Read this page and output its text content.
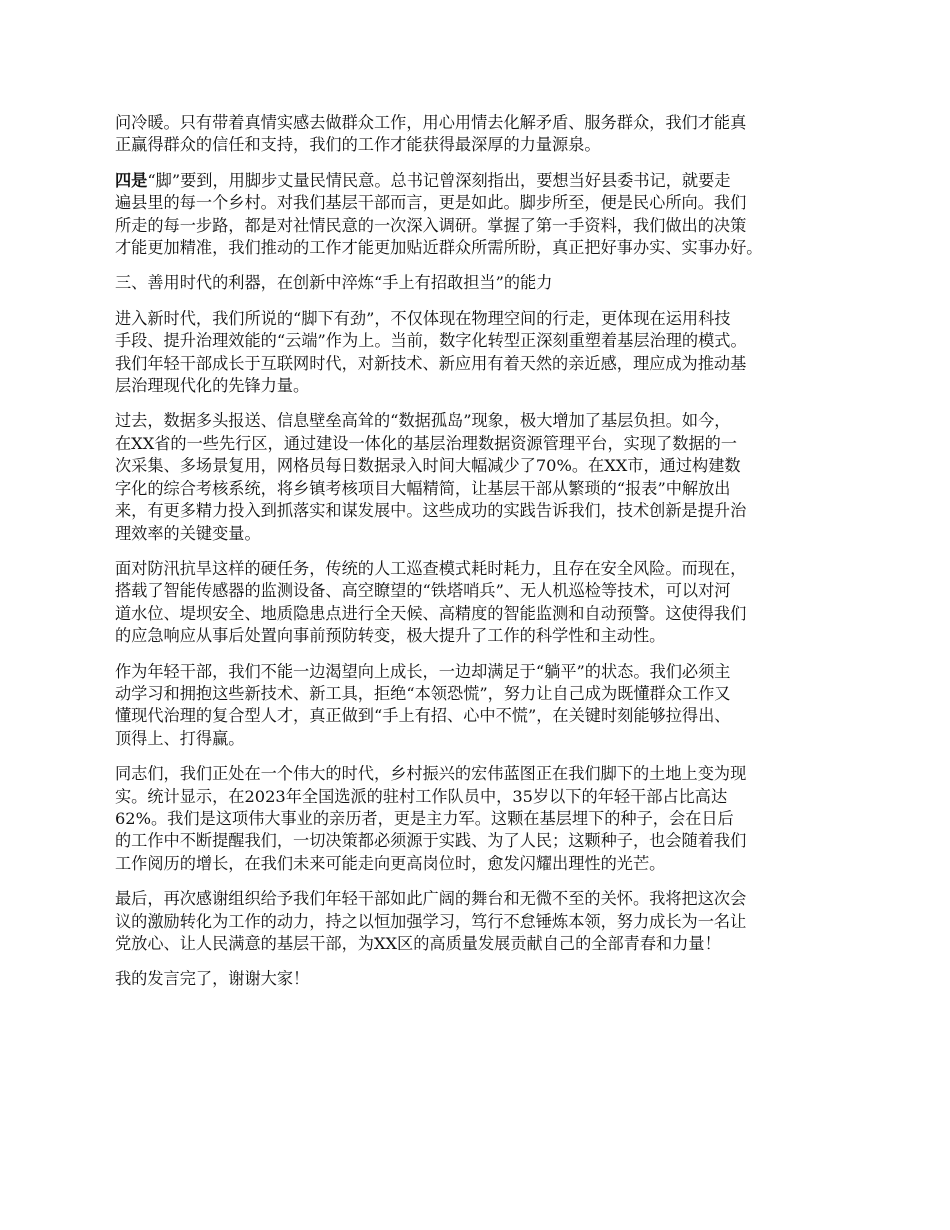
问冷暖。只有带着真情实感去做群众工作，用心用情去化解矛盾、服务群众，我们才能真
正赢得群众的信任和支持，我们的工作才能获得最深厚的力量源泉。

四是“脚”要到，用脚步丈量民情民意。总书记曾深刻指出，要想当好县委书记，就要走
遍县里的每一个乡村。对我们基层干部而言，更是如此。脚步所至，便是民心所向。我们
所走的每一步路，都是对社情民意的一次深入调研。掌握了第一手资料，我们做出的决策
才能更加精准，我们推动的工作才能更加贴近群众所需所盼，真正把好事办实、实事办好。

三、善用时代的利器，在创新中淬炼“手上有招敢担当”的能力

进入新时代，我们所说的“脚下有劲”，不仅体现在物理空间的行走，更体现在运用科技
手段、提升治理效能的“云端”作为上。当前，数字化转型正深刻重塑着基层治理的模式。
我们年轻干部成长于互联网时代，对新技术、新应用有着天然的亲近感，理应成为推动基
层治理现代化的先锋力量。

过去，数据多头报送、信息壁垒高耸的“数据孤岛”现象，极大增加了基层负担。如今，
在XX省的一些先行区，通过建设一体化的基层治理数据资源管理平台，实现了数据的一
次采集、多场景复用，网格员每日数据录入时间大幅减少了70%。在XX市，通过构建数
字化的综合考核系统，将乡镇考核项目大幅精简，让基层干部从繁琐的“报表”中解放出
来，有更多精力投入到抓落实和谋发展中。这些成功的实践告诉我们，技术创新是提升治
理效率的关键变量。

面对防汛抗旱这样的硬任务，传统的人工巡查模式耗时耗力，且存在安全风险。而现在，
搭载了智能传感器的监测设备、高空瞭望的“铁塔哨兵”、无人机巡检等技术，可以对河
道水位、堤坝安全、地质隐患点进行全天候、高精度的智能监测和自动预警。这使得我们
的应急响应从事后处置向事前预防转变，极大提升了工作的科学性和主动性。

作为年轻干部，我们不能一边渴望向上成长，一边却满足于“躺平”的状态。我们必须主
动学习和拥抱这些新技术、新工具，拒绝“本领恐慌”，努力让自己成为既懂群众工作又
懂现代治理的复合型人才，真正做到“手上有招、心中不慌”，在关键时刻能够拉得出、
顶得上、打得赢。

同志们，我们正处在一个伟大的时代，乡村振兴的宏伟蓝图正在我们脚下的土地上变为现
实。统计显示，在2023年全国选派的驻村工作队员中，35岁以下的年轻干部占比高达
62%。我们是这项伟大事业的亲历者，更是主力军。这颗在基层埋下的种子，会在日后
的工作中不断提醒我们，一切决策都必须源于实践、为了人民；这颗种子，也会随着我们
工作阅历的增长，在我们未来可能走向更高岗位时，愈发闪耀出理性的光芒。

最后，再次感谢组织给予我们年轻干部如此广阔的舞台和无微不至的关怀。我将把这次会
议的激励转化为工作的动力，持之以恒加强学习，笃行不怠锤炼本领，努力成长为一名让
党放心、让人民满意的基层干部，为XX区的高质量发展贡献自己的全部青春和力量！

我的发言完了，谢谢大家！
